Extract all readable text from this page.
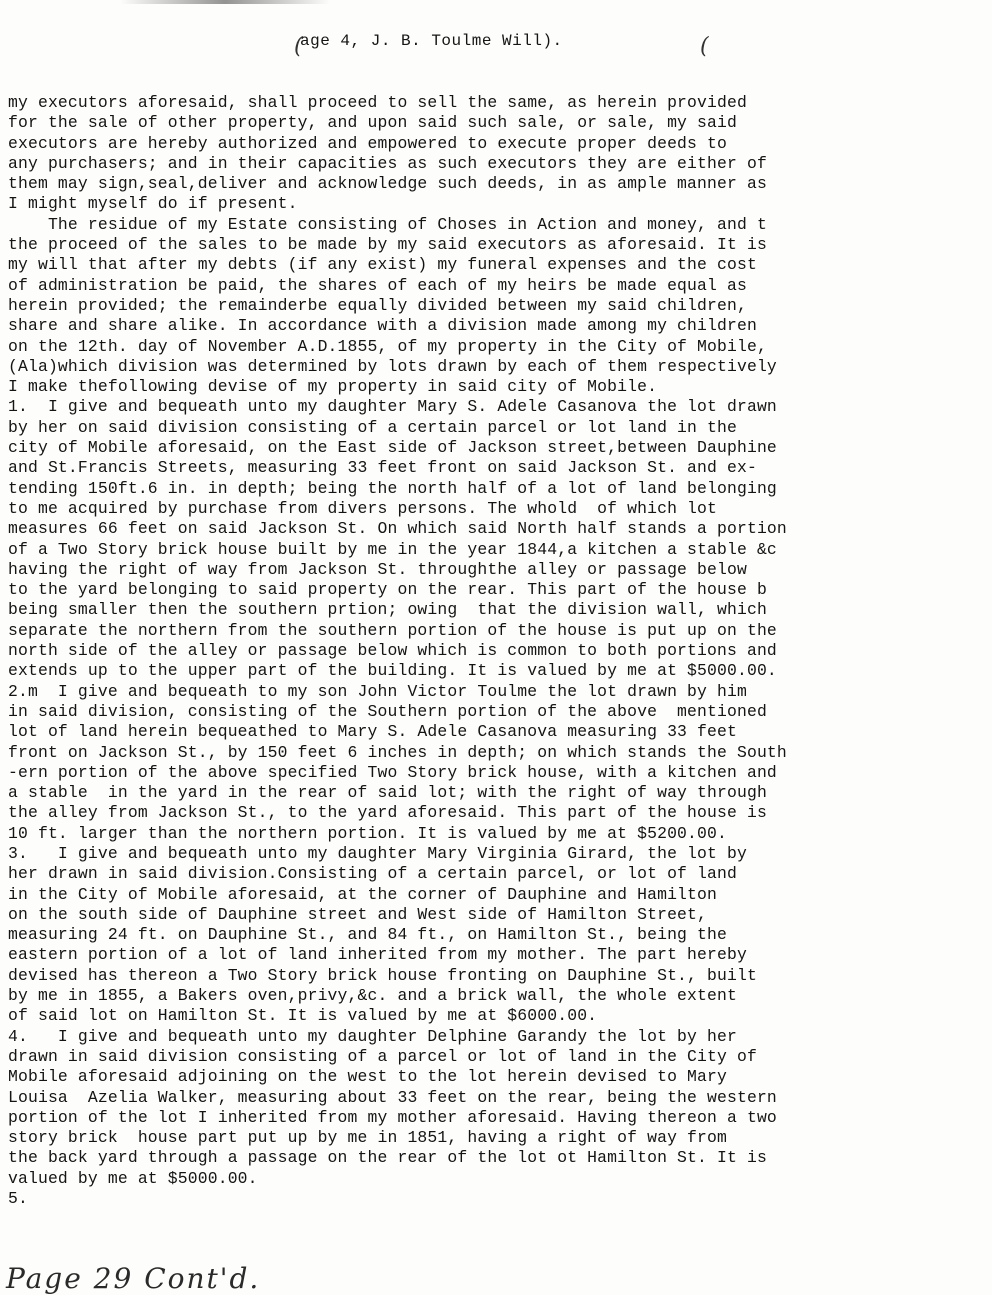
(
age 4, J. B. Toulme Will).	(
my executors aforesaid, shall proceed to sell the same, as herein provided
for the sale of other property, and upon said such sale, or sale, my said
executors are hereby authorized and empowered to execute proper deeds to
any purchasers; and in their capacities as such executors they are either of
them may sign,seal,deliver and acknowledge such deeds, in as ample manner as
I might myself do if present.
The residue of my Estate consisting of Choses in Action and money, and t
the proceed of the sales to be made by my said executors as aforesaid. It is
my will that after my debts (if any exist) my funeral expenses and the cost
of administration be paid, the shares of each of my heirs be made equal as
herein provided; the remainderbe equally divided between my said children,
share and share alike. In accordance with a division made among my children
on the 12th. day of November A.D.1855, of my property in the City of Mobile,
(Ala)which division was determined by lots drawn by each of them respectively
I make thefollowing devise of my property in said city of Mobile.
1.  I give and bequeath unto my daughter Mary S. Adele Casanova the lot drawn
by her on said division consisting of a certain parcel or lot land in the
city of Mobile aforesaid, on the East side of Jackson street,between Dauphine
and St.Francis Streets, measuring 33 feet front on said Jackson St. and ex-
tending 150ft.6 in. in depth; being the north half of a lot of land belonging
to me acquired by purchase from divers persons. The whold  of which lot
measures 66 feet on said Jackson St. On which said North half stands a portion
of a Two Story brick house built by me in the year 1844,a kitchen a stable &c
having the right of way from Jackson St. throughthe alley or passage below
to the yard belonging to said property on the rear. This part of the house b
being smaller then the southern prtion; owing  that the division wall, which
separate the northern from the southern portion of the house is put up on the
north side of the alley or passage below which is common to both portions and
extends up to the upper part of the building. It is valued by me at $5000.00.
2.m  I give and bequeath to my son John Victor Toulme the lot drawn by him
in said division, consisting of the Southern portion of the above  mentioned
lot of land herein bequeathed to Mary S. Adele Casanova measuring 33 feet
front on Jackson St., by 150 feet 6 inches in depth; on which stands the South
-ern portion of the above specified Two Story brick house, with a kitchen and
a stable  in the yard in the rear of said lot; with the right of way through
the alley from Jackson St., to the yard aforesaid. This part of the house is
10 ft. larger than the northern portion. It is valued by me at $5200.00.
3.   I give and bequeath unto my daughter Mary Virginia Girard, the lot by
her drawn in said division.Consisting of a certain parcel, or lot of land
in the City of Mobile aforesaid, at the corner of Dauphine and Hamilton
on the south side of Dauphine street and West side of Hamilton Street,
measuring 24 ft. on Dauphine St., and 84 ft., on Hamilton St., being the
eastern portion of a lot of land inherited from my mother. The part hereby
devised has thereon a Two Story brick house fronting on Dauphine St., built
by me in 1855, a Bakers oven,privy,&c. and a brick wall, the whole extent
of said lot on Hamilton St. It is valued by me at $6000.00.
4.   I give and bequeath unto my daughter Delphine Garandy the lot by her
drawn in said division consisting of a parcel or lot of land in the City of
Mobile aforesaid adjoining on the west to the lot herein devised to Mary
Louisa  Azelia Walker, measuring about 33 feet on the rear, being the western
portion of the lot I inherited from my mother aforesaid. Having thereon a two
story brick  house part put up by me in 1851, having a right of way from
the back yard through a passage on the rear of the lot ot Hamilton St. It is
valued by me at $5000.00.
5.
Page 29 Cont'd.
